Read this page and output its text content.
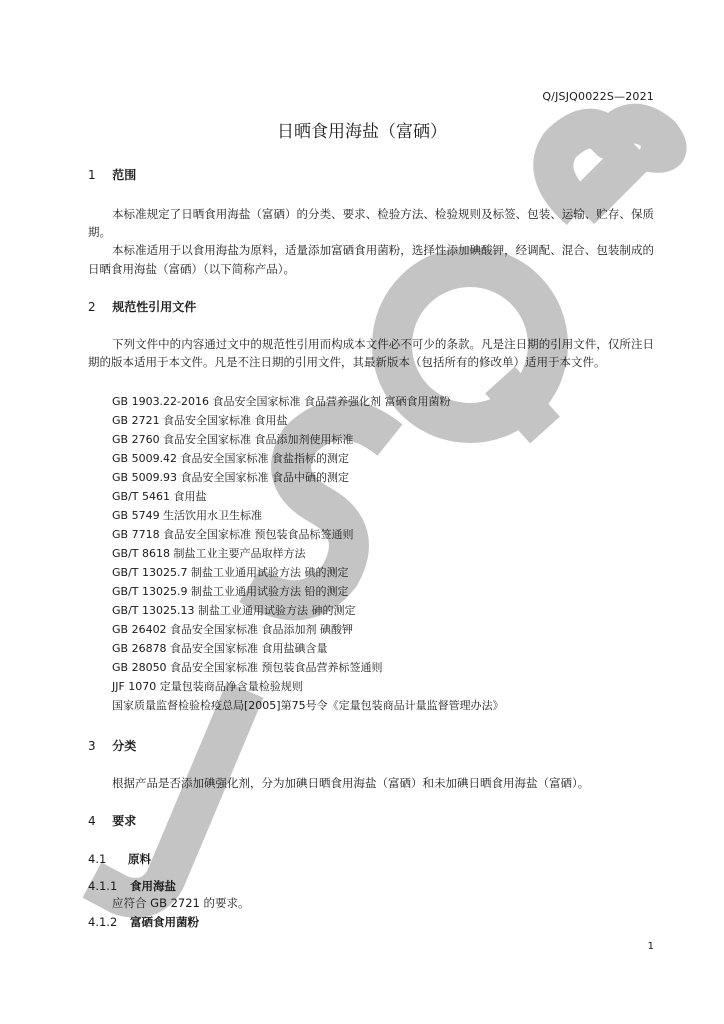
Q/JSJQ0022S—2021
日晒食用海盐（富硒）
1 范围

本标准规定了日晒食用海盐（富硒）的分类、要求、检验方法、检验规则及标签、包装、运输、贮存、保质期。

本标准适用于以食用海盐为原料，适量添加富硒食用菌粉，选择性添加碘酸钾，经调配、混合、包装制成的日晒食用海盐（富硒）（以下简称产品）。

2 规范性引用文件

下列文件中的内容通过文中的规范性引用而构成本文件必不可少的条款。凡是注日期的引用文件，仅所注日期的版本适用于本文件。凡是不注日期的引用文件，其最新版本（包括所有的修改单）适用于本文件。

GB 1903.22-2016 食品安全国家标准 食品营养强化剂 富硒食用菌粉
GB 2721 食品安全国家标准 食用盐
GB 2760 食品安全国家标准 食品添加剂使用标准
GB 5009.42 食品安全国家标准 食盐指标的测定
GB 5009.93 食品安全国家标准 食品中硒的测定
GB/T 5461 食用盐
GB 5749 生活饮用水卫生标准
GB 7718 食品安全国家标准 预包装食品标签通则
GB/T 8618 制盐工业主要产品取样方法
GB/T 13025.7 制盐工业通用试验方法 碘的测定
GB/T 13025.9 制盐工业通用试验方法 铅的测定
GB/T 13025.13 制盐工业通用试验方法 砷的测定
GB 26402 食品安全国家标准 食品添加剂 碘酸钾
GB 26878 食品安全国家标准 食用盐碘含量
GB 28050 食品安全国家标准 预包装食品营养标签通则
JJF 1070 定量包装商品净含量检验规则
国家质量监督检验检疫总局[2005]第75号令《定量包装商品计量监督管理办法》
3 分类

根据产品是否添加碘强化剂，分为加碘日晒食用海盐（富硒）和未加碘日晒食用海盐（富硒）。

4 要求
4.1 原料
4.1.1 食用海盐
应符合 GB 2721 的要求。
4.1.2 富硒食用菌粉
1
